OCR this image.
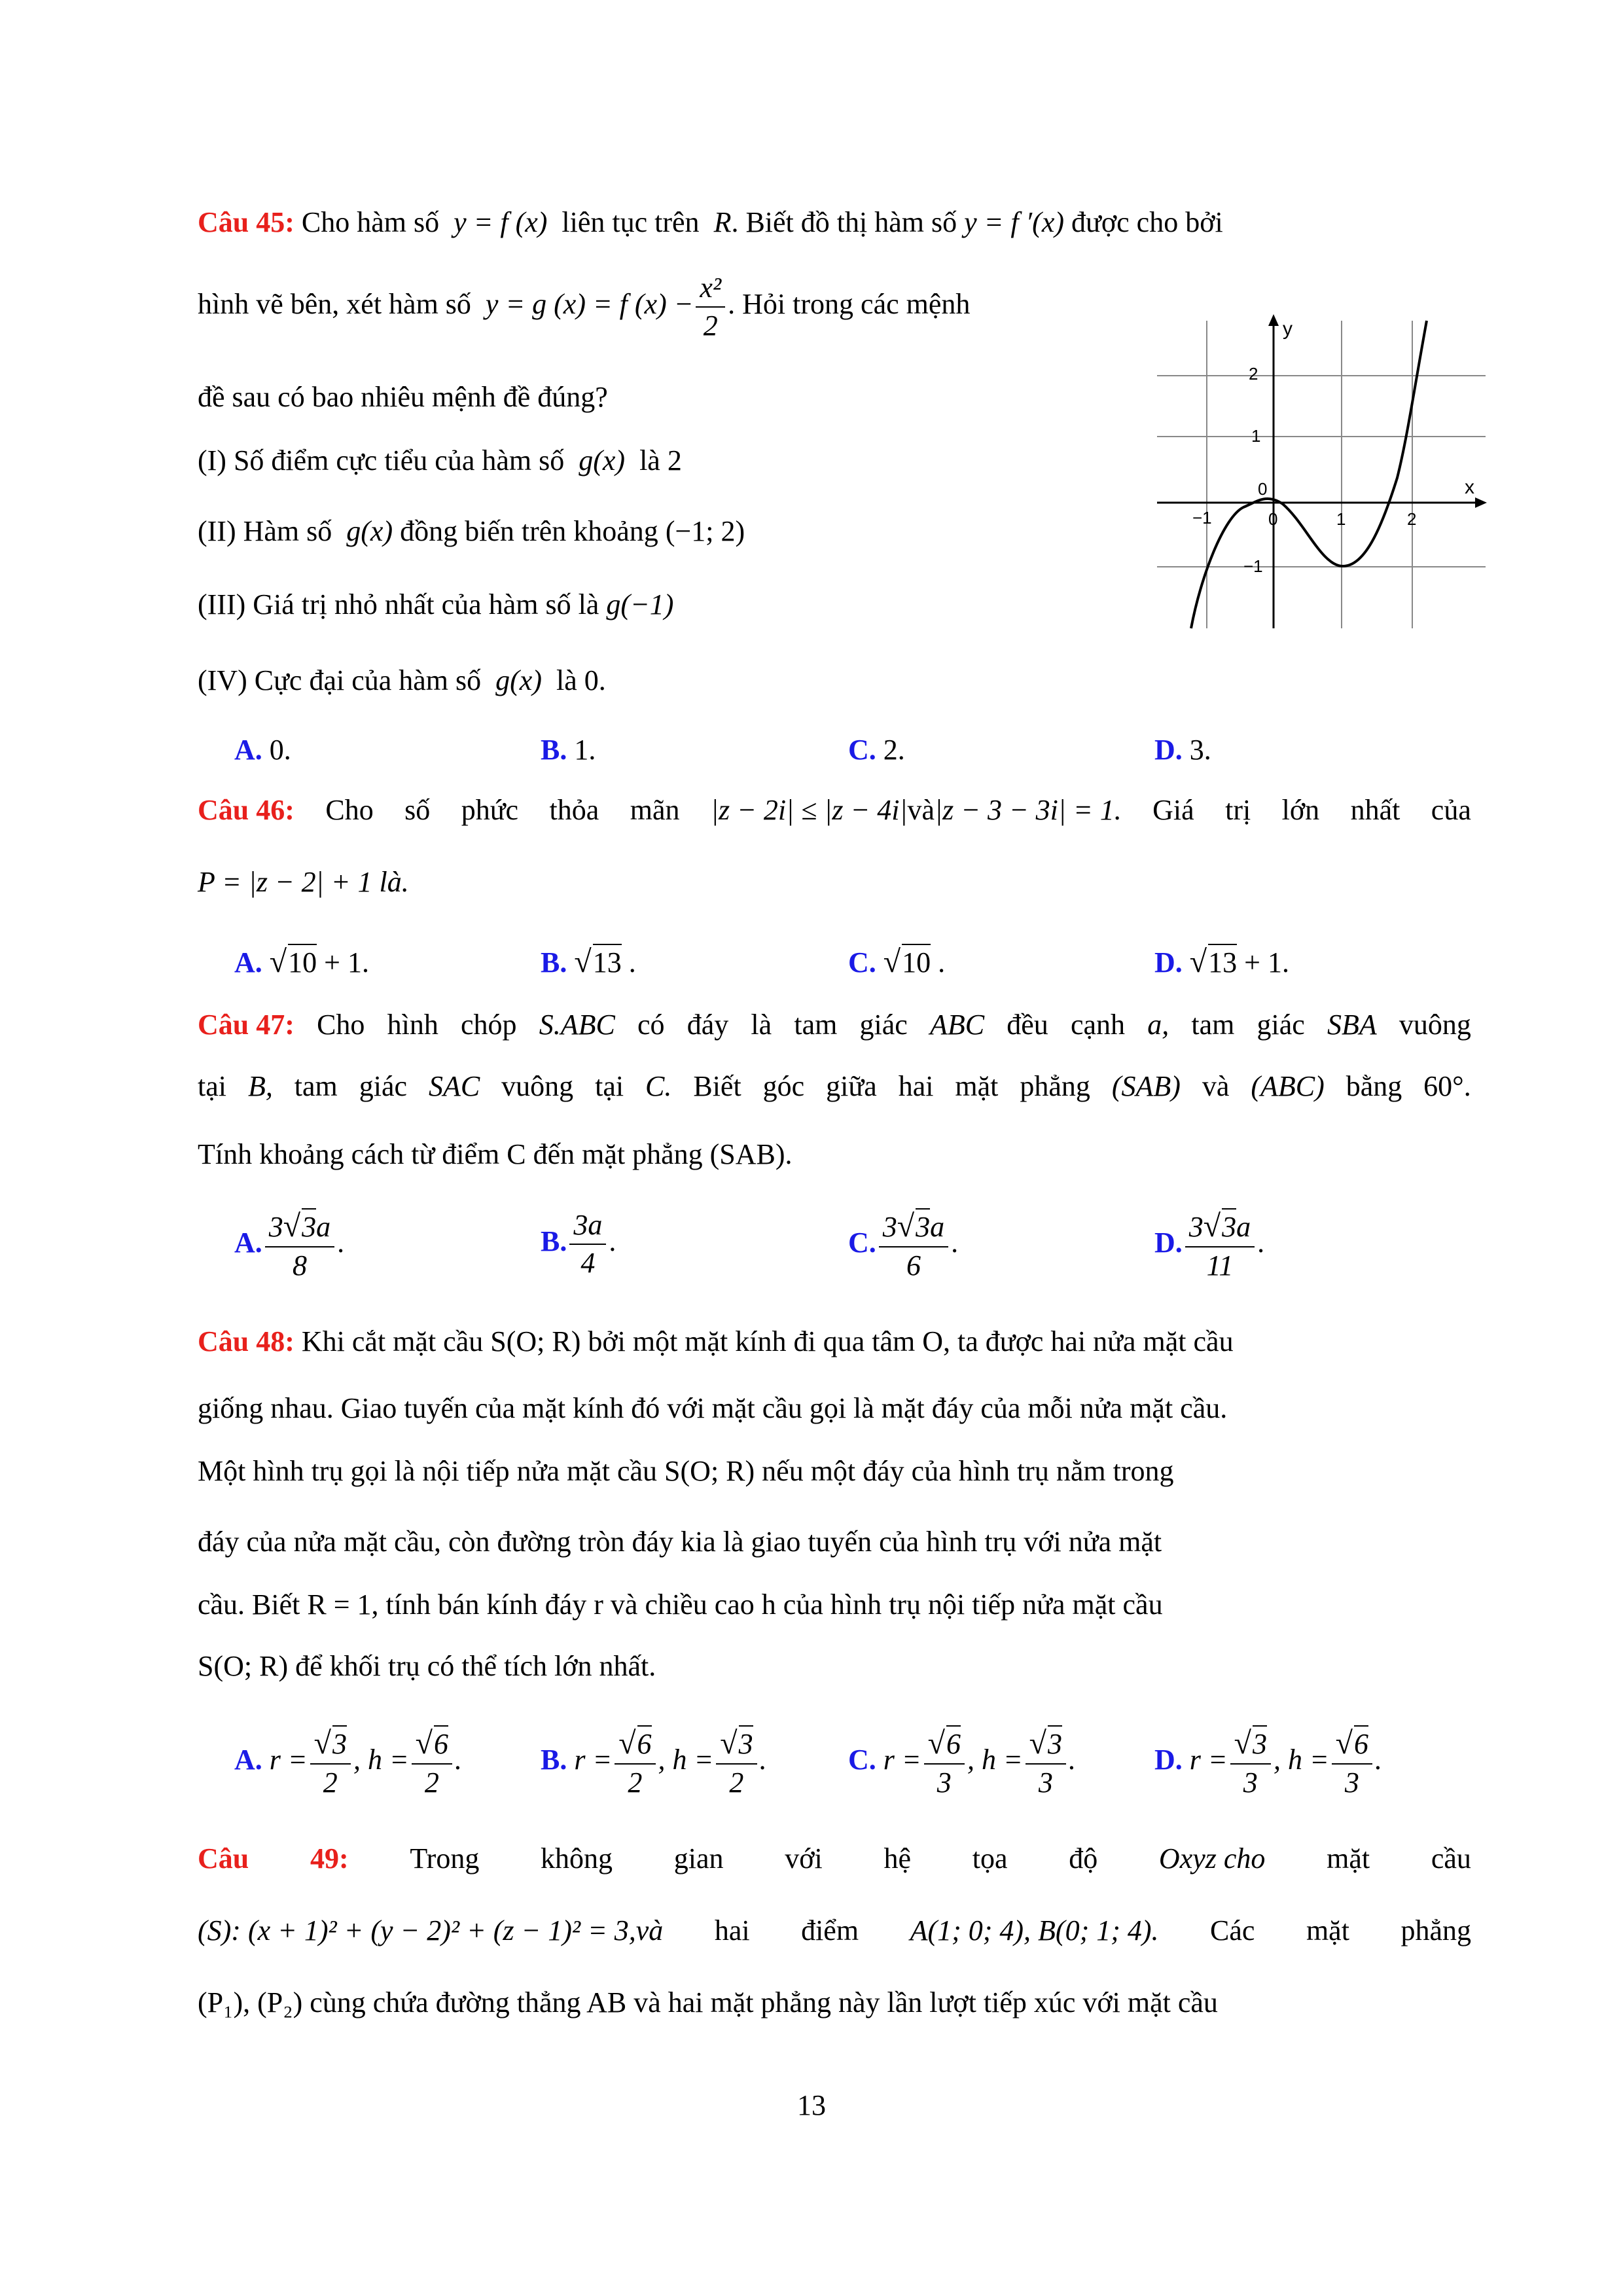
Câu 45: Cho hàm số  y = f (x)  liên tục trên  R. Biết đồ thị hàm số y = f ′(x) được cho bởi
hình vẽ bên, xét hàm số  y = g (x) = f $(x) - \frac{\text{x²}}{2}$ . Hỏi trong các mệnh
đề sau có bao nhiêu mệnh đề đúng?
(I) Số điểm cực tiểu của hàm số  g(x)  là 2
(II) Hàm số  g(x) đồng biến trên khoảng (−1; 2)
(III) Giá trị nhỏ nhất của hàm số là g(−1)
(IV) Cực đại của hàm số  g(x)  là 0.
A. 0.	B. 1.	C. 2.	D. 3.
y
x
2
1
−1
−1
0
0	1	2
Câu 46: Cho số phức thỏa mãn |z − 2i| ≤ |z − 4i|và|z − 3 − 3i| = 1. Giá trị lớn nhất của
P = |z − 2| + 1 là.
A. √10 + 1.	B. √13 .	C. √10 .	D. √13 + 1.
Câu 47: Cho hình chóp S.ABC có đáy là tam giác ABC đều cạnh a, tam giác SBA vuông
tại B, tam giác SAC vuông tại C. Biết góc giữa hai mặt phẳng (SAB) và (ABC) bằng 60°.
Tính khoảng cách từ điểm C đến mặt phẳng (SAB).
A. $\frac{3√3a}{8}$ .	B. $\frac{3a}{4}$ .	C. $\frac{3√3a}{6}$ .	D. $\frac{3√3a}{11}$ .
Câu 48: Khi cắt mặt cầu S(O; R) bởi một mặt kính đi qua tâm O, ta được hai nửa mặt cầu
giống nhau. Giao tuyến của mặt kính đó với mặt cầu gọi là mặt đáy của mỗi nửa mặt cầu.
Một hình trụ gọi là nội tiếp nửa mặt cầu S(O; R) nếu một đáy của hình trụ nằm trong
đáy của nửa mặt cầu, còn đường tròn đáy kia là giao tuyến của hình trụ với nửa mặt
cầu. Biết R = 1, tính bán kính đáy r và chiều cao h của hình trụ nội tiếp nửa mặt cầu
S(O; R) để khối trụ có thể tích lớn nhất.
A. $r = \frac{√3}{2}$ , $h = \frac{√6}{2}$ .	B. $r = \frac{√6}{2}$ , $h = \frac{√3}{2}$ .	C. $r = \frac{√6}{3}$ , $h = \frac{√3}{3}$ .	D. $r = \frac{√3}{3}$ , $h = \frac{√6}{3}$ .
Câu 49: Trong không gian với hệ tọa độ Oxyz cho mặt cầu
(S): (x + 1)² + (y − 2)² + (z − 1)² = 3,và hai điểm A(1; 0; 4), B(0; 1; 4). Các mặt phẳng
(P₁), (P₂) cùng chứa đường thẳng AB và hai mặt phẳng này lần lượt tiếp xúc với mặt cầu
13
